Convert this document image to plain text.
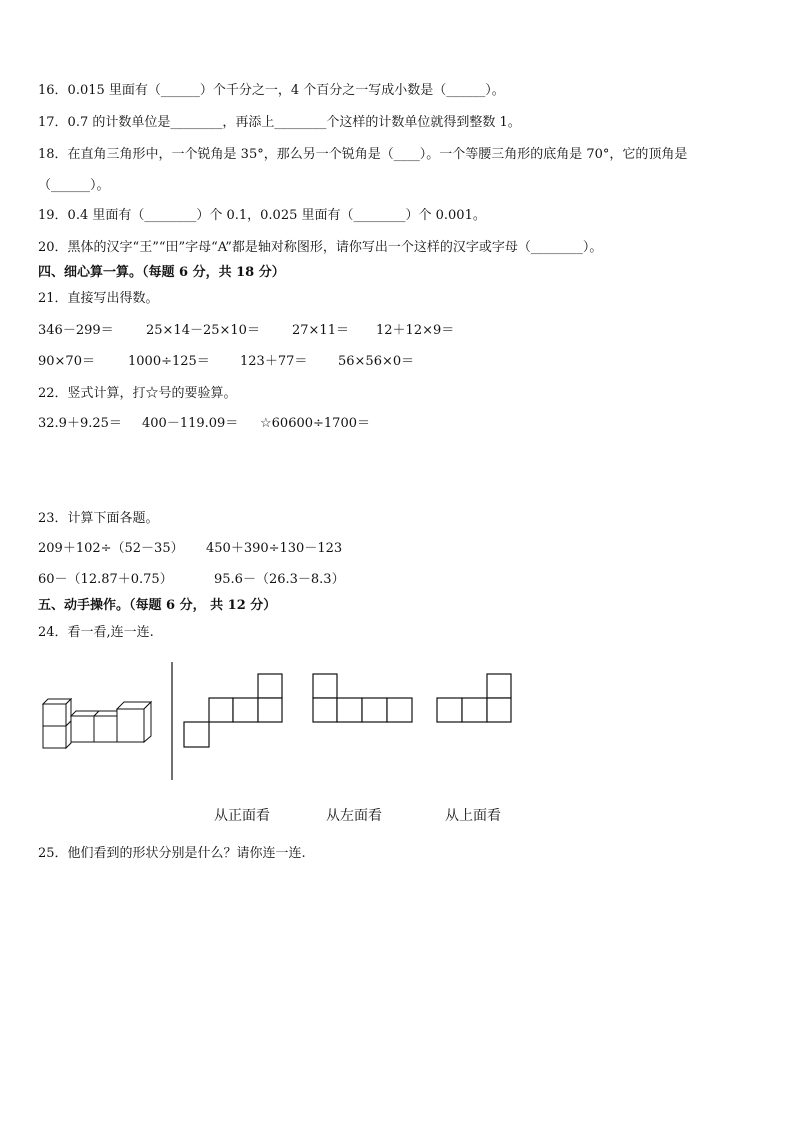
16．0.015 里面有（______）个千分之一，4 个百分之一写成小数是（______）。
17．0.7 的计数单位是________，再添上________个这样的计数单位就得到整数 1。
18．在直角三角形中，一个锐角是 35°，那么另一个锐角是（____）。一个等腰三角形的底角是 70°，它的顶角是
（______）。
19．0.4 里面有（________）个 0.1，0.025 里面有（________）个 0.001。
20．黑体的汉字“王”“田”字母“A”都是轴对称图形，请你写出一个这样的汉字或字母（________）。
四、细心算一算。（每题 6 分，共 18 分）
21．直接写出得数。
346－299＝ 25×14－25×10＝ 27×11＝ 12＋12×9＝
90×70＝	1000÷125＝ 123＋77＝ 56×56×0＝
22．竖式计算，打☆号的要验算。
32.9＋9.25＝ 400－119.09＝ ☆60600÷1700＝
23．计算下面各题。
209＋102÷（52－35） 450＋390÷130－123
60－（12.87＋0.75）	95.6－（26.3－8.3）
五、动手操作。（每题 6 分， 共 12 分）
24．看一看,连一连.
从正面看	从左面看	从上面看
25．他们看到的形状分别是什么？请你连一连.
